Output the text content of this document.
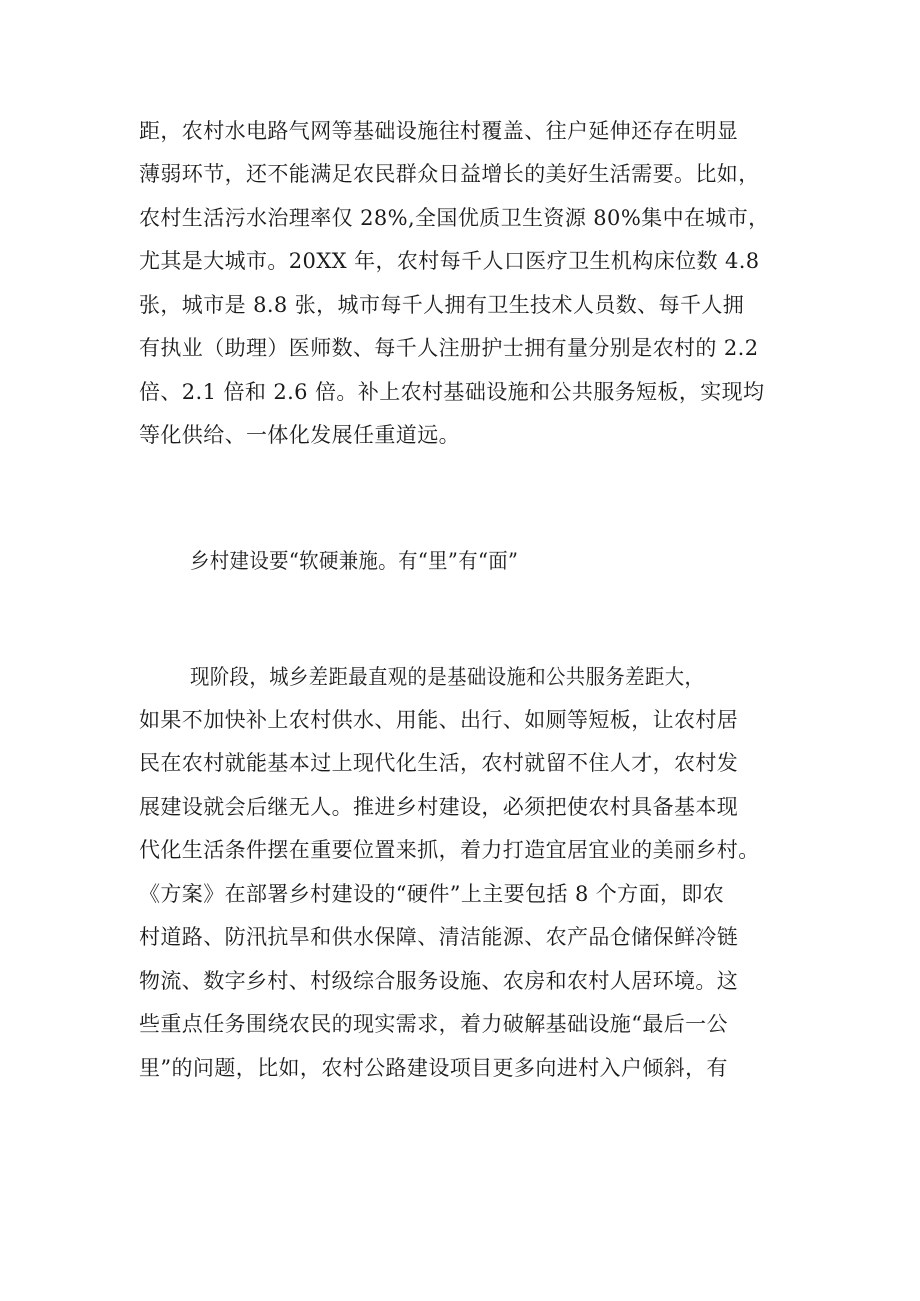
距，农村水电路气网等基础设施往村覆盖、往户延伸还存在明显
薄弱环节，还不能满足农民群众日益增长的美好生活需要。比如，
农村生活污水治理率仅 28%,全国优质卫生资源 80%集中在城市，
尤其是大城市。20XX 年，农村每千人口医疗卫生机构床位数 4.8
张，城市是 8.8 张，城市每千人拥有卫生技术人员数、每千人拥
有执业（助理）医师数、每千人注册护士拥有量分别是农村的 2.2
倍、2.1 倍和 2.6 倍。补上农村基础设施和公共服务短板，实现均
等化供给、一体化发展任重道远。
乡村建设要“软硬兼施。有“里”有“面”
现阶段，城乡差距最直观的是基础设施和公共服务差距大，
如果不加快补上农村供水、用能、出行、如厕等短板，让农村居
民在农村就能基本过上现代化生活，农村就留不住人才，农村发
展建设就会后继无人。推进乡村建设，必须把使农村具备基本现
代化生活条件摆在重要位置来抓，着力打造宜居宜业的美丽乡村。
《方案》在部署乡村建设的“硬件”上主要包括 8 个方面，即农
村道路、防汛抗旱和供水保障、清洁能源、农产品仓储保鲜冷链
物流、数字乡村、村级综合服务设施、农房和农村人居环境。这
些重点任务围绕农民的现实需求，着力破解基础设施“最后一公
里”的问题，比如，农村公路建设项目更多向进村入户倾斜，有
